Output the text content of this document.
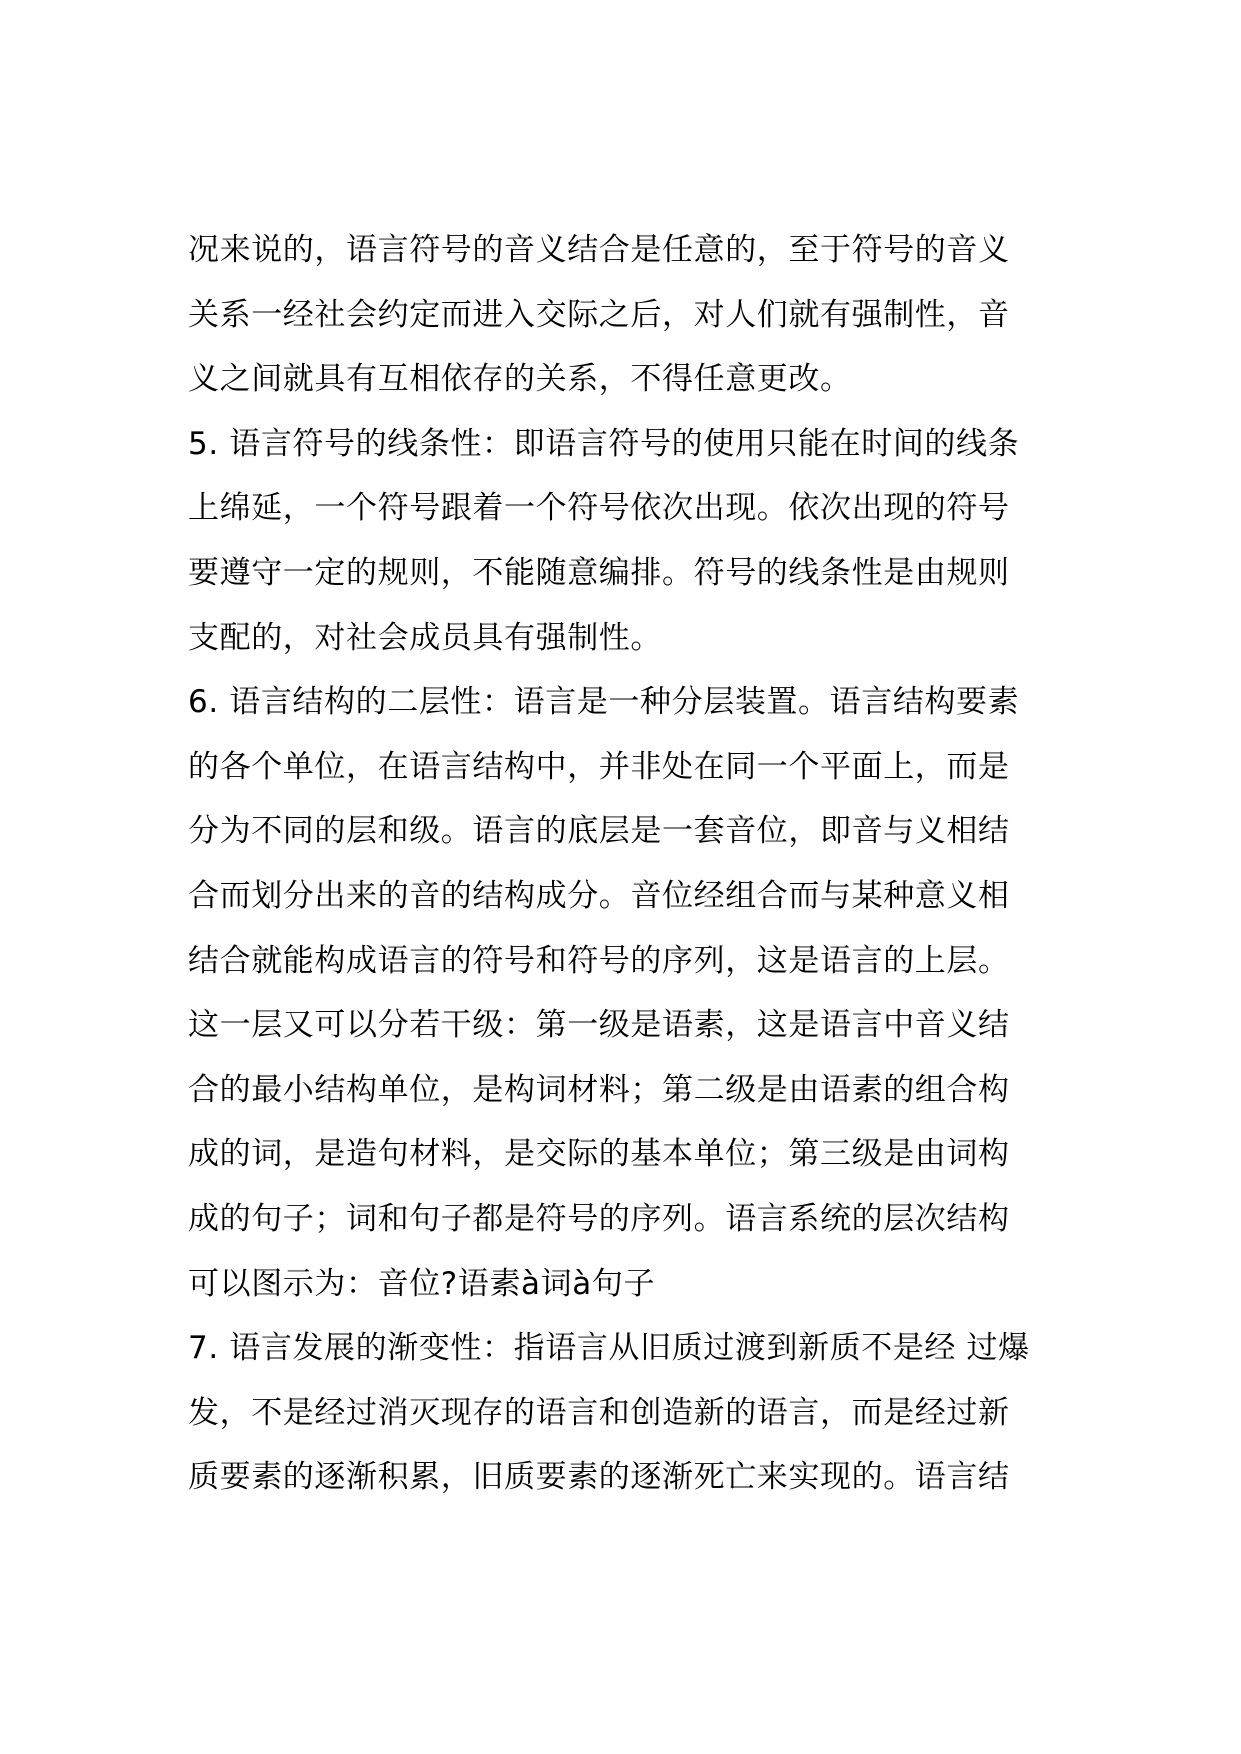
况来说的，语言符号的音义结合是任意的，至于符号的音义
关系一经社会约定而进入交际之后，对人们就有强制性，音
义之间就具有互相依存的关系，不得任意更改。
5. 语言符号的线条性：即语言符号的使用只能在时间的线条
上绵延，一个符号跟着一个符号依次出现。依次出现的符号
要遵守一定的规则，不能随意编排。符号的线条性是由规则
支配的，对社会成员具有强制性。
6. 语言结构的二层性：语言是一种分层装置。语言结构要素
的各个单位，在语言结构中，并非处在同一个平面上，而是
分为不同的层和级。语言的底层是一套音位，即音与义相结
合而划分出来的音的结构成分。音位经组合而与某种意义相
结合就能构成语言的符号和符号的序列，这是语言的上层。
这一层又可以分若干级：第一级是语素，这是语言中音义结
合的最小结构单位，是构词材料；第二级是由语素的组合构
成的词，是造句材料，是交际的基本单位；第三级是由词构
成的句子；词和句子都是符号的序列。语言系统的层次结构
可以图示为：音位?语素à词à句子
7. 语言发展的渐变性：指语言从旧质过渡到新质不是经 过爆
发，不是经过消灭现存的语言和创造新的语言，而是经过新
质要素的逐渐积累，旧质要素的逐渐死亡来实现的。语言结
